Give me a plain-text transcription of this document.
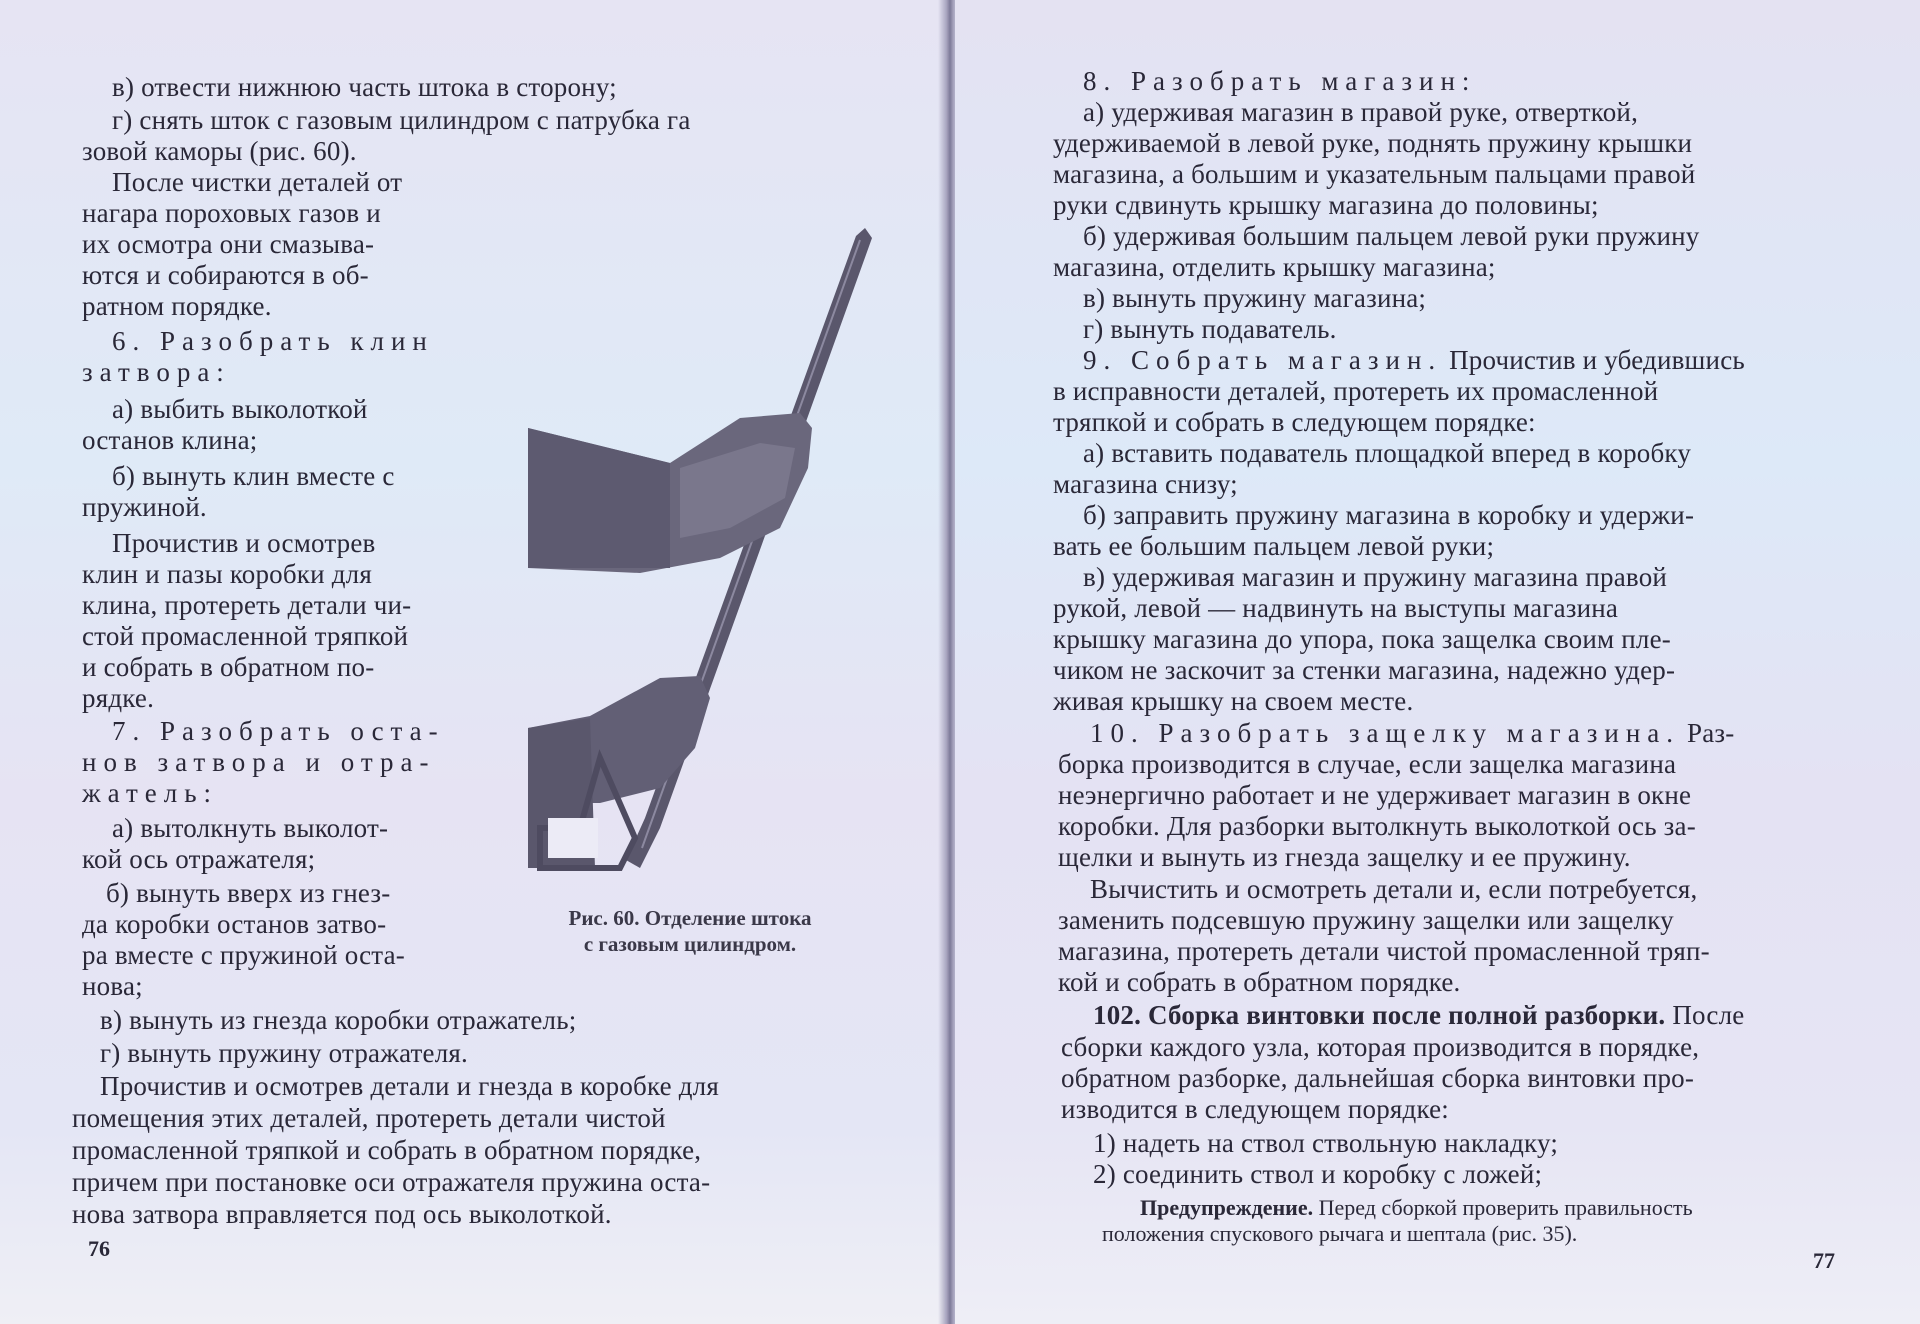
в) отвести нижнюю часть штока в сторону;
г) снять шток с газовым цилиндром с патрубка га
зовой каморы (рис. 60).
После чистки деталей от
нагара пороховых газов и
их осмотра они смазыва-
ются и собираются в об-
ратном порядке.
6. Разобрать клин
затвора:
а) выбить выколоткой
останов клина;
б) вынуть клин вместе с
пружиной.
Прочистив и осмотрев
клин и пазы коробки для
клина, протереть детали чи-
стой промасленной тряпкой
и собрать в обратном по-
рядке.
7. Разобрать оста-
нов затвора и отра-
жатель:
а) вытолкнуть выколот-
кой ось отражателя;
б) вынуть вверх из гнез-
да коробки останов затво-
ра вместе с пружиной оста-
нова;
Рис. 60. Отделение штока
с газовым цилиндром.
в) вынуть из гнезда коробки отражатель;
г) вынуть пружину отражателя.
Прочистив и осмотрев детали и гнезда в коробке для
помещения этих деталей, протереть детали чистой
промасленной тряпкой и собрать в обратном порядке,
причем при постановке оси отражателя пружина оста-
нова затвора вправляется под ось выколоткой.
76
8. Разобрать магазин:
а) удерживая магазин в правой руке, отверткой,
удерживаемой в левой руке, поднять пружину крышки
магазина, а большим и указательным пальцами правой
руки сдвинуть крышку магазина до половины;
б) удерживая большим пальцем левой руки пружину
магазина, отделить крышку магазина;
в) вынуть пружину магазина;
г) вынуть подаватель.
9. Собрать магазин. Прочистив и убедившись
в исправности деталей, протереть их промасленной
тряпкой и собрать в следующем порядке:
а) вставить подаватель площадкой вперед в коробку
магазина снизу;
б) заправить пружину магазина в коробку и удержи-
вать ее большим пальцем левой руки;
в) удерживая магазин и пружину магазина правой
рукой, левой — надвинуть на выступы магазина
крышку магазина до упора, пока защелка своим пле-
чиком не заскочит за стенки магазина, надежно удер-
живая крышку на своем месте.
10. Разобрать защелку магазина. Раз-
борка производится в случае, если защелка магазина
неэнергично работает и не удерживает магазин в окне
коробки. Для разборки вытолкнуть выколоткой ось за-
щелки и вынуть из гнезда защелку и ее пружину.
Вычистить и осмотреть детали и, если потребуется,
заменить подсевшую пружину защелки или защелку
магазина, протереть детали чистой промасленной тряп-
кой и собрать в обратном порядке.
102. Сборка винтовки после полной разборки. После
сборки каждого узла, которая производится в порядке,
обратном разборке, дальнейшая сборка винтовки про-
изводится в следующем порядке:
1) надеть на ствол ствольную накладку;
2) соединить ствол и коробку с ложей;
Предупреждение. Перед сборкой проверить правильность
положения спускового рычага и шептала (рис. 35).
77
